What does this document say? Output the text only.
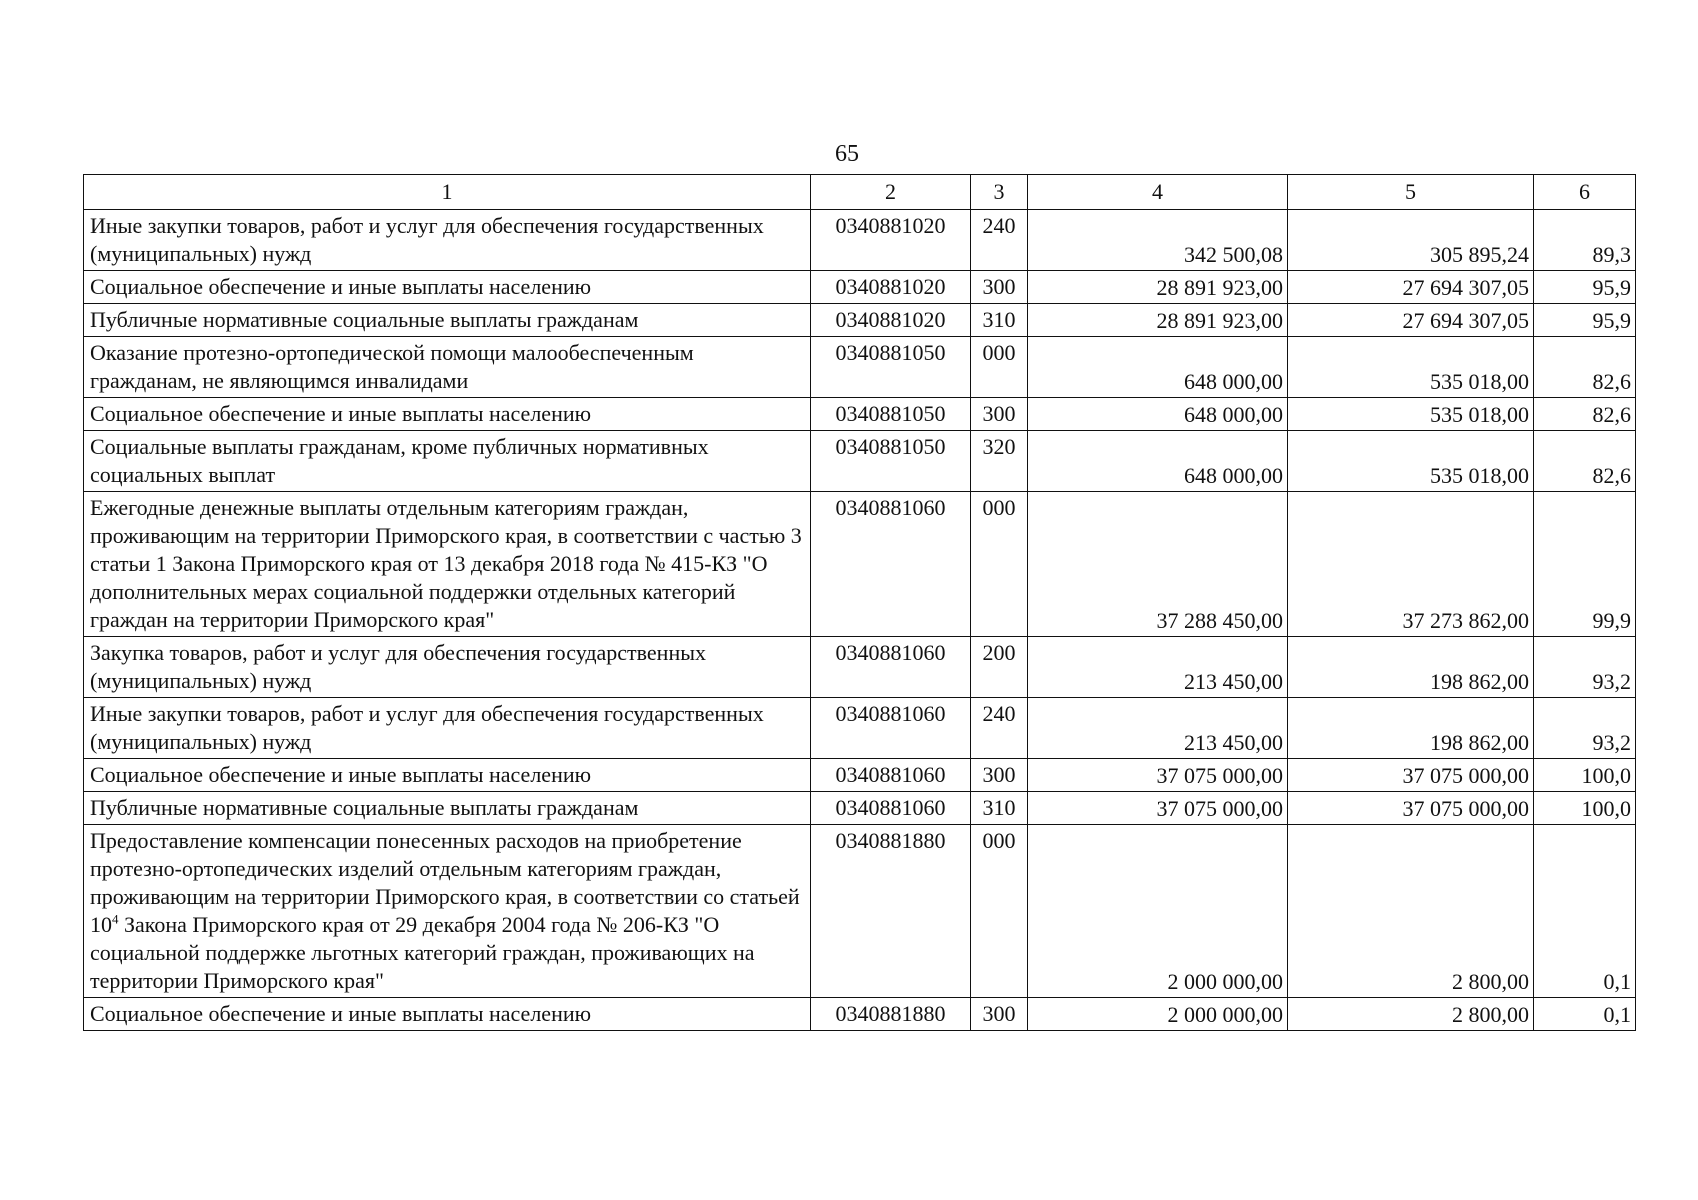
65
1	2	3	4	5	6
Иные закупки товаров, работ и услуг для обеспечения государственных (муниципальных) нужд	0340881020	240	342 500,08	305 895,24	89,3
Социальное обеспечение и иные выплаты населению	0340881020	300	28 891 923,00	27 694 307,05	95,9
Публичные нормативные социальные выплаты гражданам	0340881020	310	28 891 923,00	27 694 307,05	95,9
Оказание протезно-ортопедической помощи малообеспеченным гражданам, не являющимся инвалидами	0340881050	000	648 000,00	535 018,00	82,6
Социальное обеспечение и иные выплаты населению	0340881050	300	648 000,00	535 018,00	82,6
Социальные выплаты гражданам, кроме публичных нормативных социальных выплат	0340881050	320	648 000,00	535 018,00	82,6
Ежегодные денежные выплаты отдельным категориям граждан, проживающим на территории Приморского края, в соответствии с частью 3 статьи 1 Закона Приморского края от 13 декабря 2018 года № 415-КЗ "О дополнительных мерах социальной поддержки отдельных категорий граждан на территории Приморского края"	0340881060	000	37 288 450,00	37 273 862,00	99,9
Закупка товаров, работ и услуг для обеспечения государственных (муниципальных) нужд	0340881060	200	213 450,00	198 862,00	93,2
Иные закупки товаров, работ и услуг для обеспечения государственных (муниципальных) нужд	0340881060	240	213 450,00	198 862,00	93,2
Социальное обеспечение и иные выплаты населению	0340881060	300	37 075 000,00	37 075 000,00	100,0
Публичные нормативные социальные выплаты гражданам	0340881060	310	37 075 000,00	37 075 000,00	100,0
Предоставление компенсации понесенных расходов на приобретение протезно-ортопедических изделий отдельным категориям граждан, проживающим на территории Приморского края, в соответствии со статьей $10^4$ Закона Приморского края от 29 декабря 2004 года № 206-КЗ "О социальной поддержке льготных категорий граждан, проживающих на территории Приморского края"	0340881880	000	2 000 000,00	2 800,00	0,1
Социальное обеспечение и иные выплаты населению	0340881880	300	2 000 000,00	2 800,00	0,1
